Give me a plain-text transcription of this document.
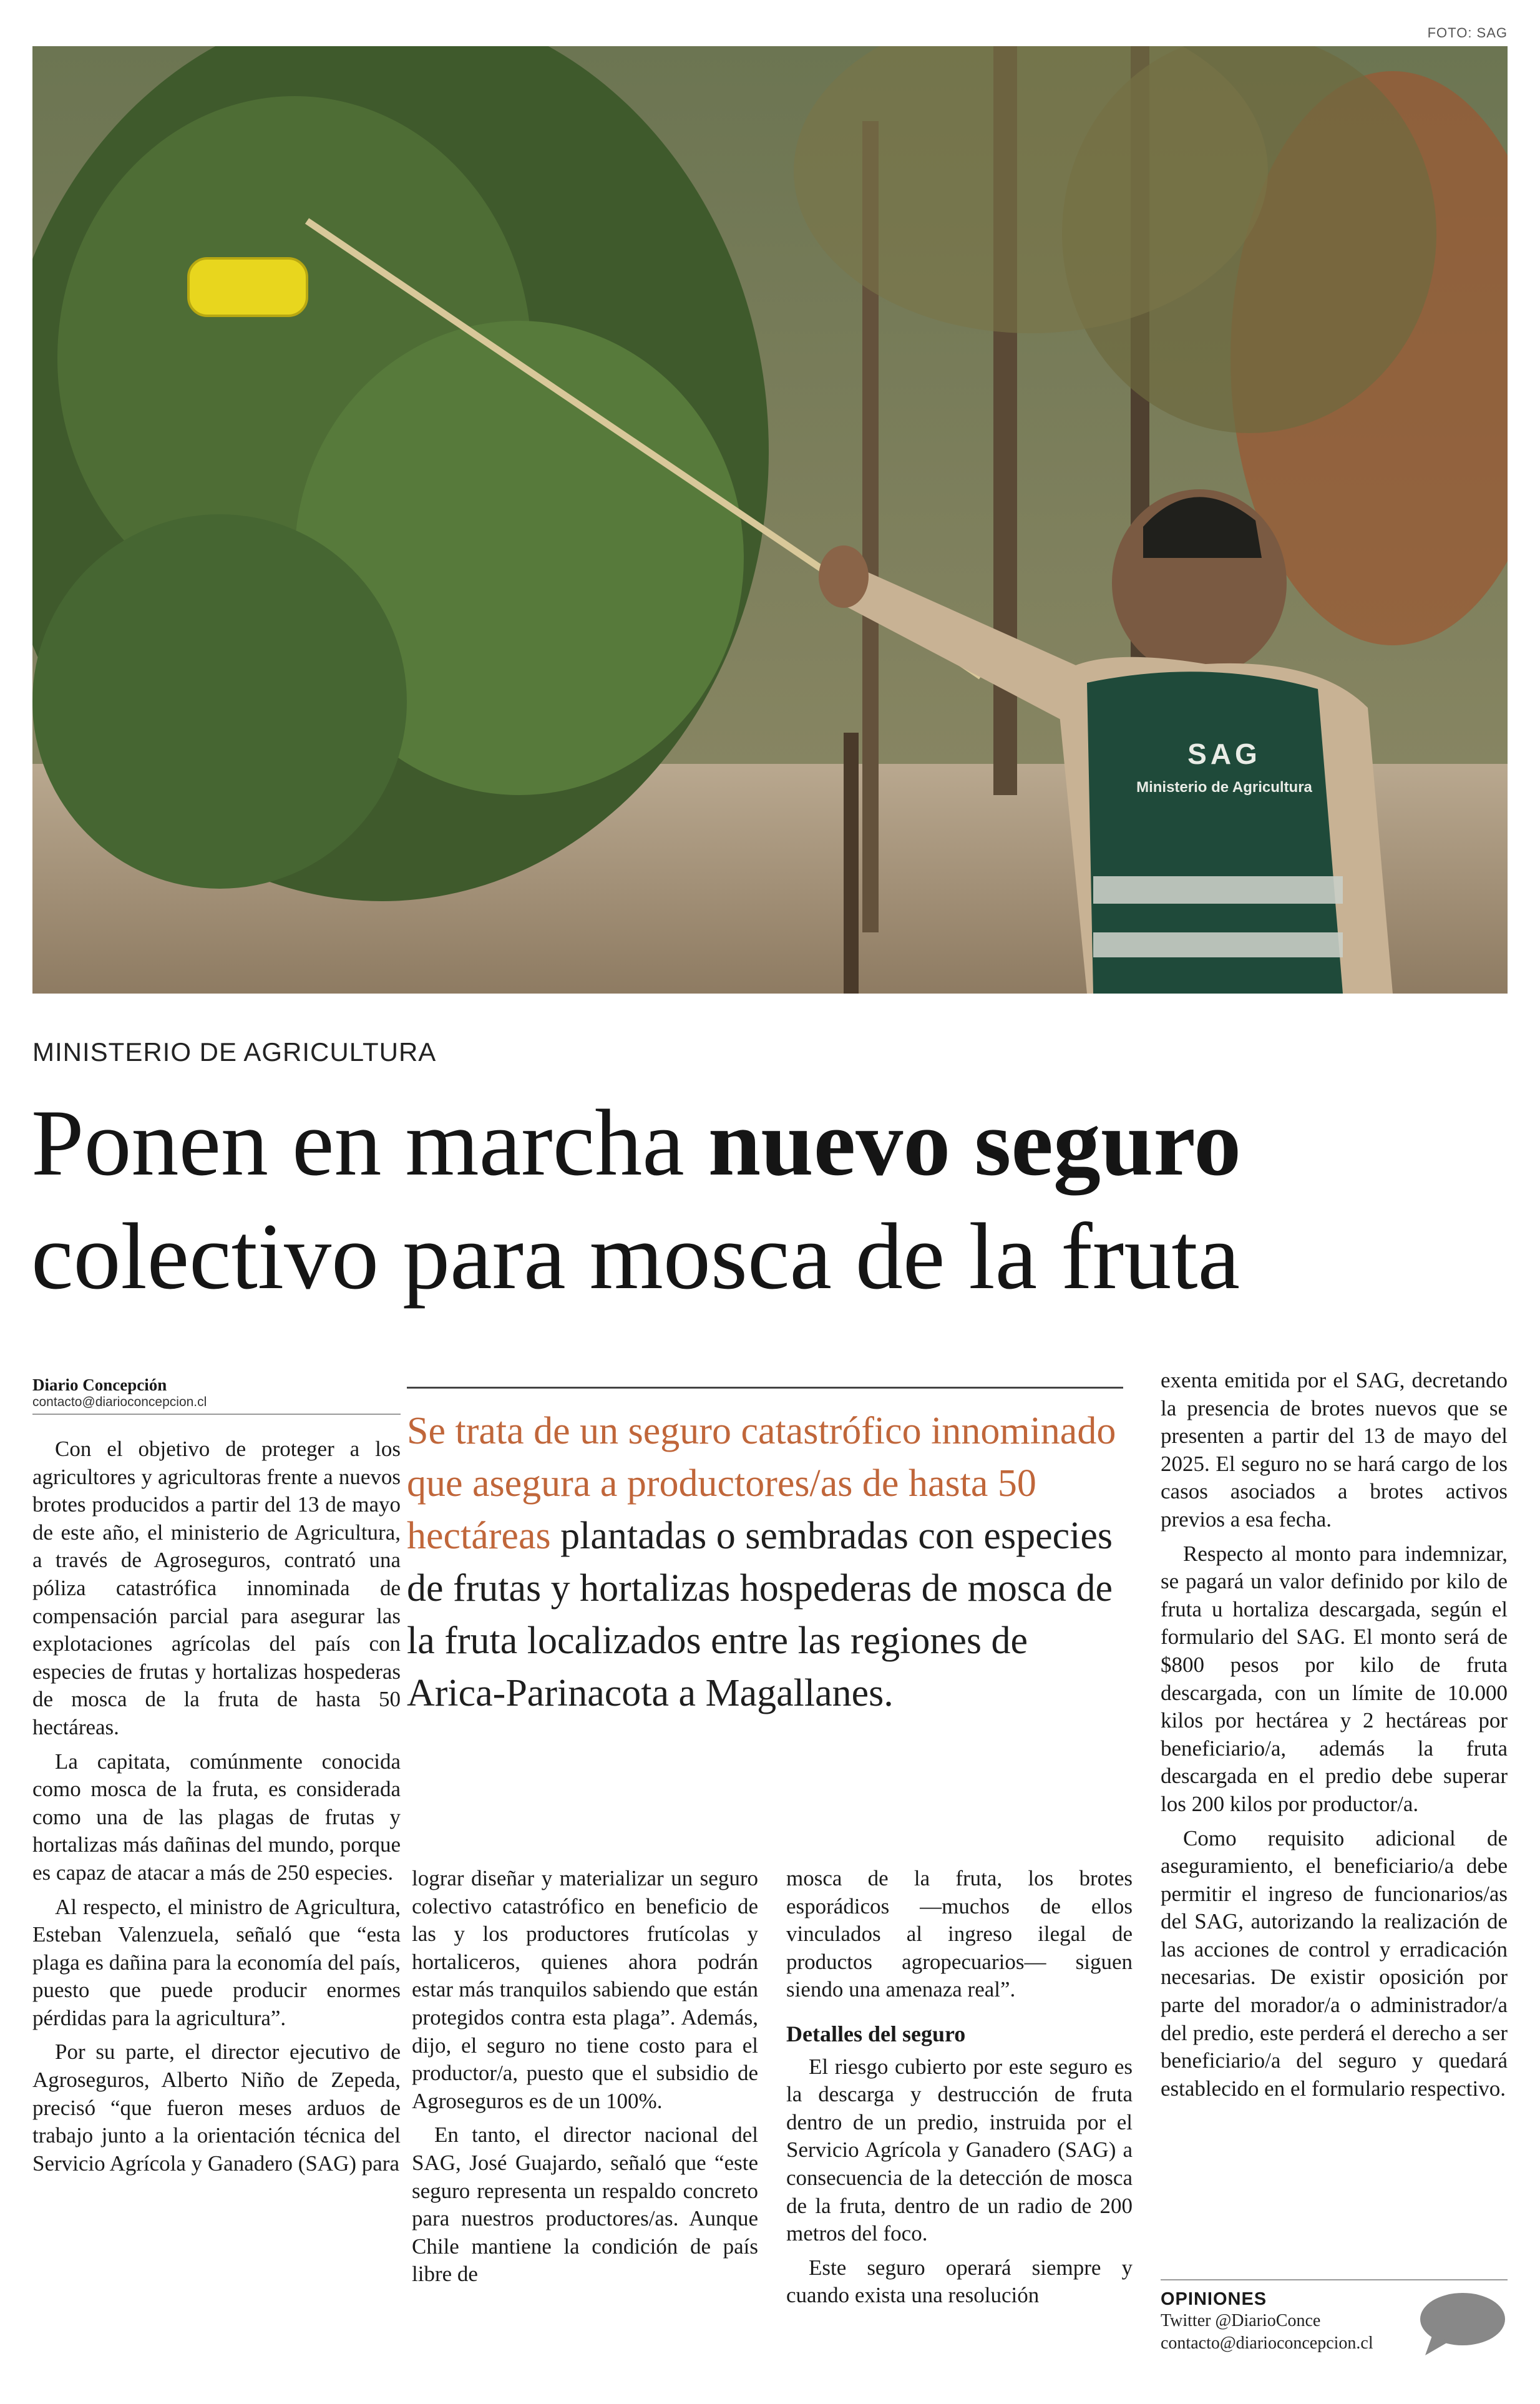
FOTO: SAG
SAG
Ministerio de Agricultura
MINISTERIO DE AGRICULTURA
Ponen en marcha nuevo seguro
colectivo para mosca de la fruta
Diario Concepción
contacto@diarioconcepcion.cl

Con el objetivo de proteger a los agricultores y agricultoras frente a nuevos brotes producidos a partir del 13 de mayo de este año, el ministerio de Agricultura, a través de Agroseguros, contrató una póliza catastrófica innominada de compensación parcial para asegurar las explotaciones agrícolas del país con especies de frutas y hortalizas hospederas de mosca de la fruta de hasta 50 hectáreas.

La capitata, comúnmente conocida como mosca de la fruta, es considerada como una de las plagas de frutas y hortalizas más dañinas del mundo, porque es capaz de atacar a más de 250 especies.

Al respecto, el ministro de Agricultura, Esteban Valenzuela, señaló que “esta plaga es dañina para la economía del país, puesto que puede producir enormes pérdidas para la agricultura”.

Por su parte, el director ejecutivo de Agroseguros, Alberto Niño de Zepeda, precisó “que fueron meses arduos de trabajo junto a la orientación técnica del Servicio Agrícola y Ganadero (SAG) para

Se trata de un seguro catastrófico innominado que asegura a productores/as de hasta 50 hectáreas plantadas o sembradas con especies de frutas y hortalizas hospederas de mosca de la fruta localizados entre las regiones de Arica-Parinacota a Magallanes.

lograr diseñar y materializar un seguro colectivo catastrófico en beneficio de las y los productores frutícolas y hortaliceros, quienes ahora podrán estar más tranquilos sabiendo que están protegidos contra esta plaga”. Además, dijo, el seguro no tiene costo para el productor/a, puesto que el subsidio de Agroseguros es de un 100%.

En tanto, el director nacional del SAG, José Guajardo, señaló que “este seguro representa un respaldo concreto para nuestros productores/as. Aunque Chile mantiene la condición de país libre de

mosca de la fruta, los brotes esporádicos —muchos de ellos vinculados al ingreso ilegal de productos agropecuarios— siguen siendo una amenaza real”.

Detalles del seguro

El riesgo cubierto por este seguro es la descarga y destrucción de fruta dentro de un predio, instruida por el Servicio Agrícola y Ganadero (SAG) a consecuencia de la detección de mosca de la fruta, dentro de un radio de 200 metros del foco.

Este seguro operará siempre y cuando exista una resolución

exenta emitida por el SAG, decretando la presencia de brotes nuevos que se presenten a partir del 13 de mayo del 2025. El seguro no se hará cargo de los casos asociados a brotes activos previos a esa fecha.

Respecto al monto para indemnizar, se pagará un valor definido por kilo de fruta u hortaliza descargada, según el formulario del SAG. El monto será de $800 pesos por kilo de fruta descargada, con un límite de 10.000 kilos por hectárea y 2 hectáreas por beneficiario/a, además la fruta descargada en el predio debe superar los 200 kilos por productor/a.

Como requisito adicional de aseguramiento, el beneficiario/a debe permitir el ingreso de funcionarios/as del SAG, autorizando la realización de las acciones de control y erradicación necesarias. De existir oposición por parte del morador/a o administrador/a del predio, este perderá el derecho a ser beneficiario/a del seguro y quedará establecido en el formulario respectivo.

OPINIONES
Twitter @DiarioConce
contacto@diarioconcepcion.cl
